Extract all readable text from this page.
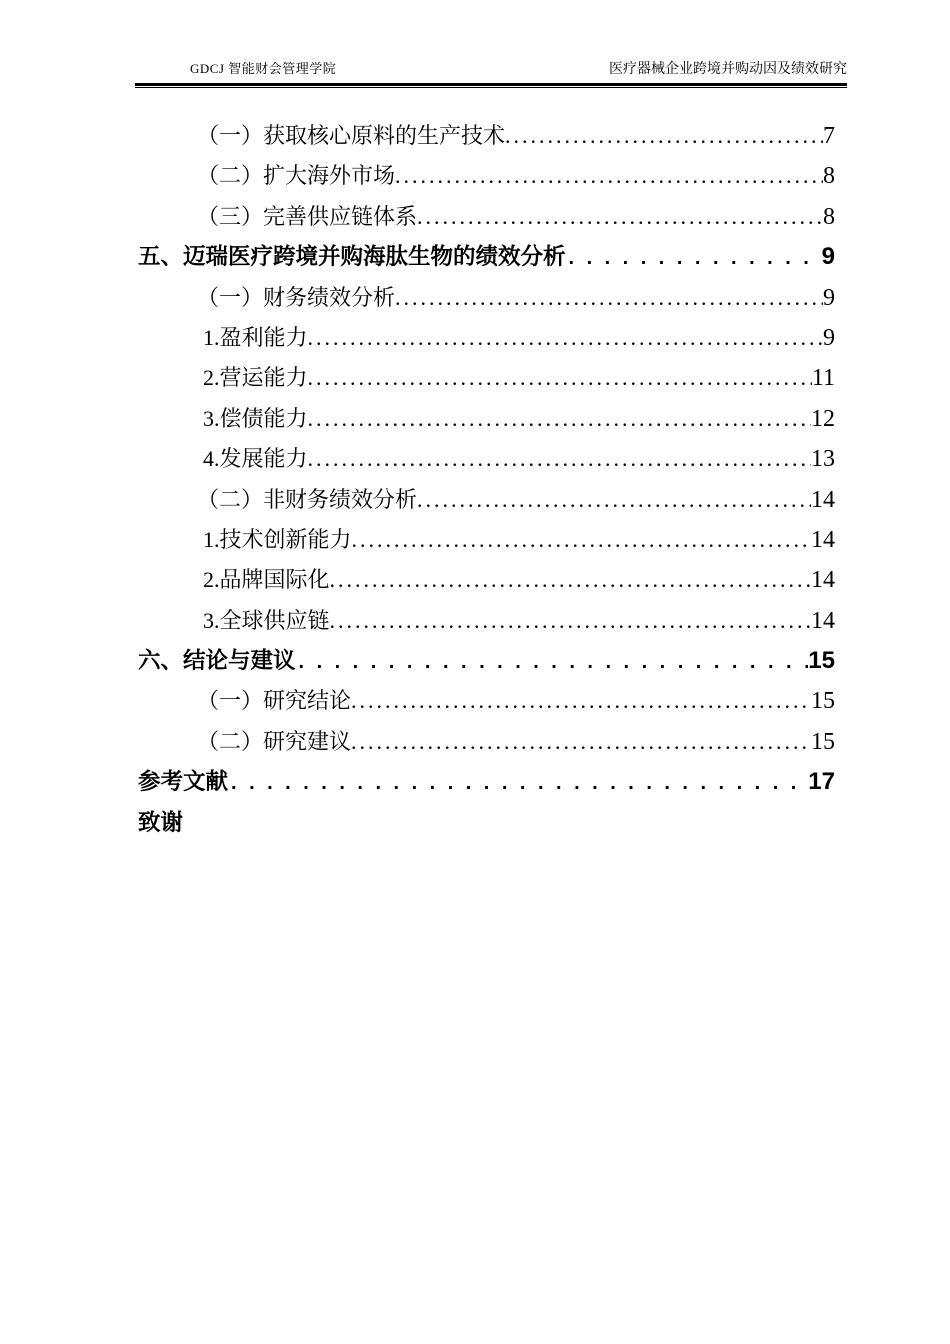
GDCJ 智能财会管理学院	医疗器械企业跨境并购动因及绩效研究
（一）获取核心原料的生产技术 .....	7
（二）扩大海外市场 .....	8
（三）完善供应链体系 .....	8
五、迈瑞医疗跨境并购海肽生物的绩效分析 .....	9
（一）财务绩效分析 .....	9
1.盈利能力 .....	9
2.营运能力 .....	11
3.偿债能力 .....	12
4.发展能力 .....	13
（二）非财务绩效分析 .....	14
1.技术创新能力 .....	14
2.品牌国际化 .....	14
3.全球供应链 .....	14
六、结论与建议 .....	15
（一）研究结论 .....	15
（二）研究建议 .....	15
参考文献 .....	17
致谢
